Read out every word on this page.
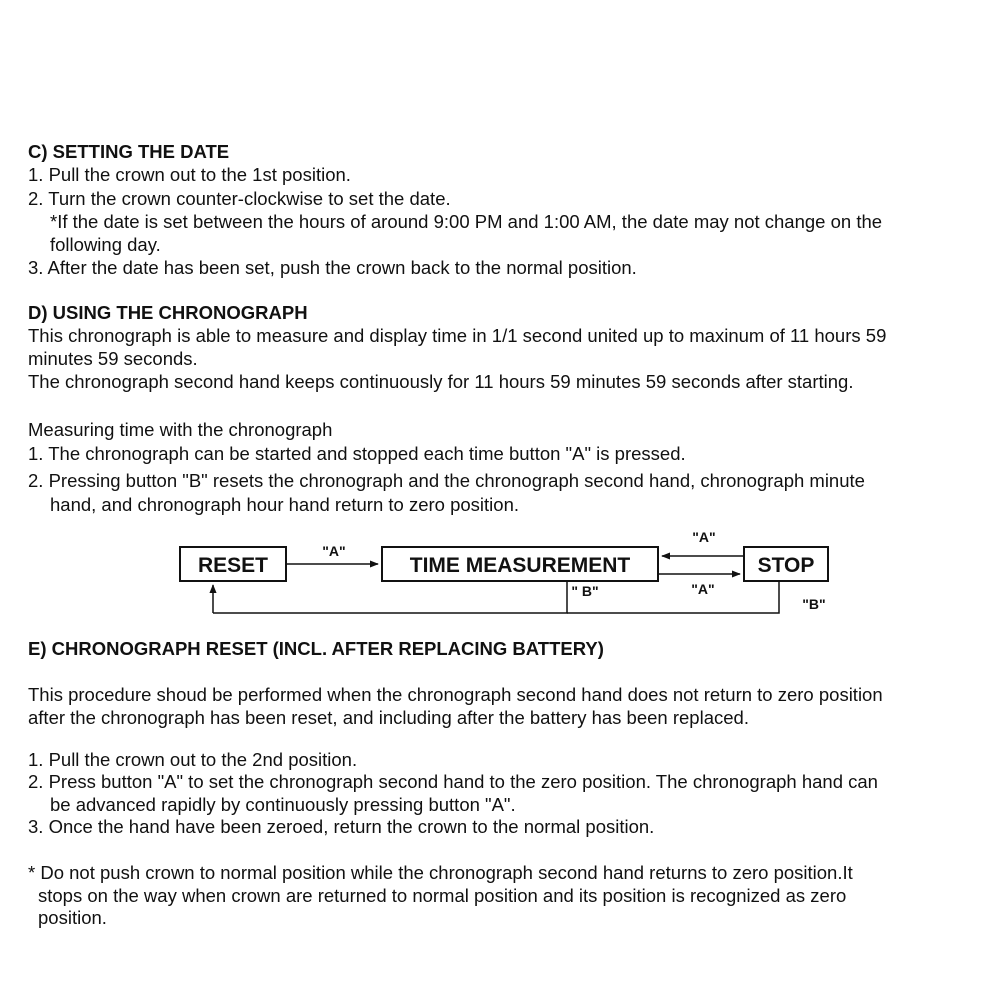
C) SETTING THE DATE
1. Pull the crown out to the 1st position.
2. Turn the crown counter-clockwise to set the date.
*If the date is set between the hours of around 9:00 PM and 1:00 AM, the date may not change on the
following day.
3. After the date has been set, push the crown back to the normal position.
D) USING THE CHRONOGRAPH
This chronograph is able to measure and display time in 1/1 second united up to maxinum of 11 hours 59
minutes 59 seconds.
The chronograph second hand keeps continuously for 11 hours 59 minutes 59 seconds after starting.
Measuring time with the chronograph
1. The chronograph can be started and stopped each time button "A" is pressed.
2. Pressing button "B" resets the chronograph and the chronograph second hand, chronograph minute
hand, and chronograph hour hand return to zero position.
RESET	TIME MEASUREMENT	STOP
"A"
"A"
"A"
" B"
"B"
E) CHRONOGRAPH RESET (INCL. AFTER REPLACING BATTERY)
This procedure shoud be performed when the chronograph second hand does not return to zero position
after the chronograph has been reset, and including after the battery has been replaced.
1. Pull the crown out to the 2nd position.
2. Press button "A" to set the chronograph second hand to the zero position. The chronograph hand can
be advanced rapidly by continuously pressing button "A".
3. Once the hand have been zeroed, return the crown to the normal position.
* Do not push crown to normal position while the chronograph second hand returns to zero position.It
stops on the way when crown are returned to normal position and its position is recognized as zero
position.
